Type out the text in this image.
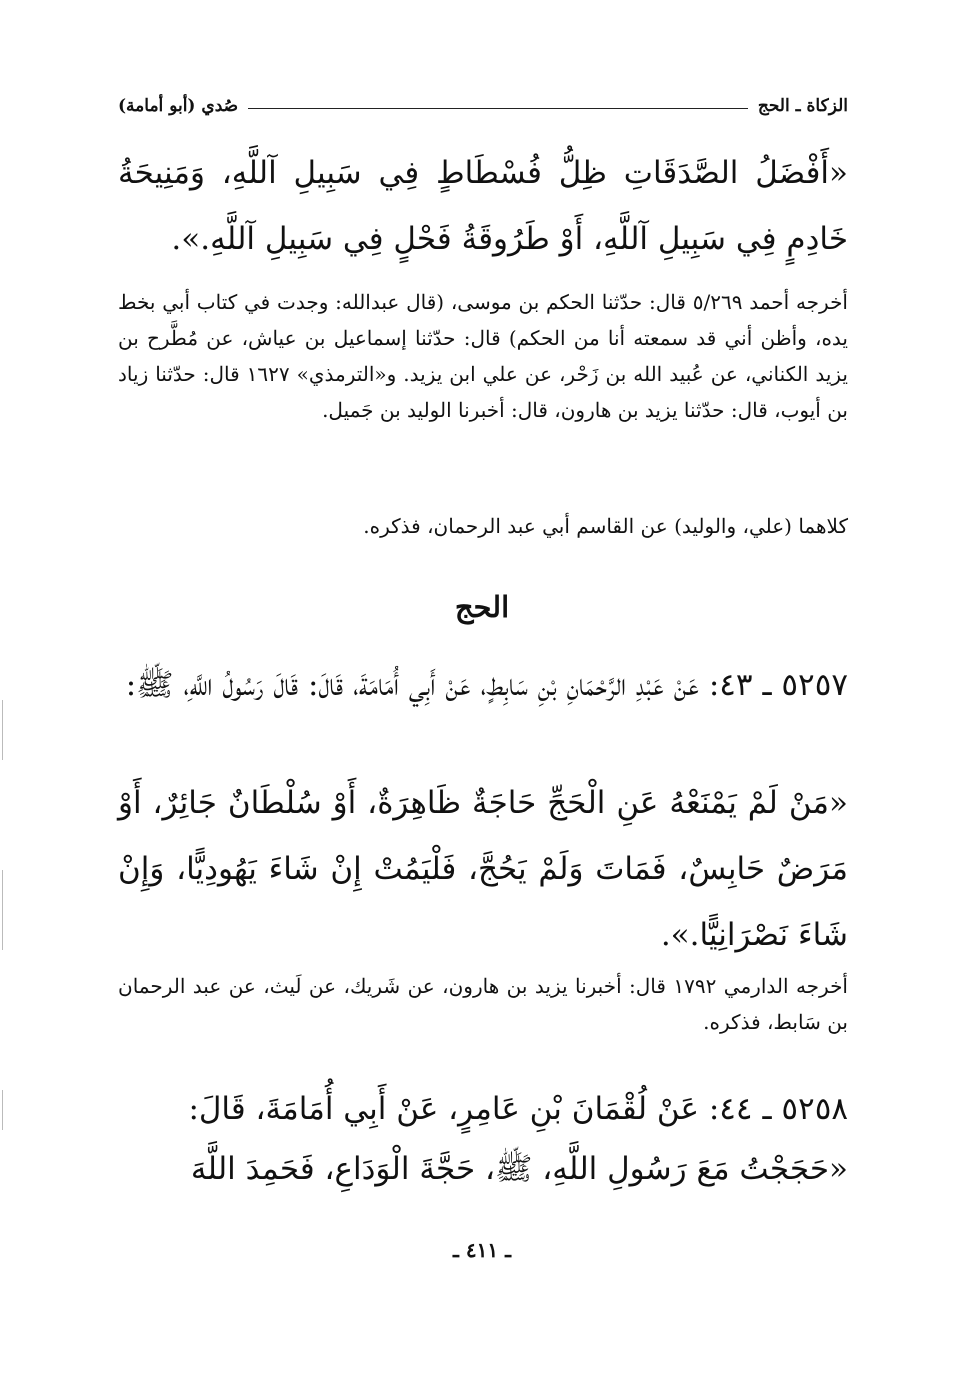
الزكاة ـ الحج
صُدي (أبو أمامة)
«أَفْضَلُ الصَّدَقَاتِ ظِلُّ فُسْطَاطٍ فِي سَبِيلِ آللَّهِ، وَمَنِيحَةُ خَادِمٍ فِي سَبِيلِ آللَّهِ، أَوْ طَرُوقَةُ فَحْلٍ فِي سَبِيلِ آللَّهِ.».
أخرجه أحمد ٥/٢٦٩ قال: حدّثنا الحكم بن موسى، (قال عبدالله: وجدت في كتاب أبي بخط يده، وأظن أني قد سمعته أنا من الحكم) قال: حدّثنا إسماعيل بن عياش، عن مُطَّرح بن يزيد الكناني، عن عُبيد الله بن زَحْر، عن علي ابن يزيد. و«الترمذي» ١٦٢٧ قال: حدّثنا زياد بن أيوب، قال: حدّثنا يزيد بن هارون، قال: أخبرنا الوليد بن جَميل.
كلاهما (علي، والوليد) عن القاسم أبي عبد الرحمان، فذكره.
الحج
٥٢٥٧ ـ ٤٣: عَنْ عَبْدِ الرَّحْمَانِ بْنِ سَابِطٍ، عَنْ أَبِي أُمَامَةَ، قَالَ: قَالَ رَسُولُ اللَّهِ، ﷺ:
«مَنْ لَمْ يَمْنَعْهُ عَنِ الْحَجِّ حَاجَةٌ ظَاهِرَةٌ، أَوْ سُلْطَانٌ جَائِرٌ، أَوْ مَرَضٌ حَابِسٌ، فَمَاتَ وَلَمْ يَحُجَّ، فَلْيَمُتْ إِنْ شَاءَ يَهُودِيًّا، وَإِنْ شَاءَ نَصْرَانِيًّا.».
أخرجه الدارمي ١٧٩٢ قال: أخبرنا يزيد بن هارون، عن شَريك، عن لَيث، عن عبد الرحمان بن سَابط، فذكره.
٥٢٥٨ ـ ٤٤: عَنْ لُقْمَانَ بْنِ عَامِرٍ، عَنْ أَبِي أُمَامَةَ، قَالَ:
«حَجَجْتُ مَعَ رَسُولِ اللَّهِ، ﷺ، حَجَّةَ الْوَدَاعِ، فَحَمِدَ اللَّهَ
ـ ٤١١ ـ
